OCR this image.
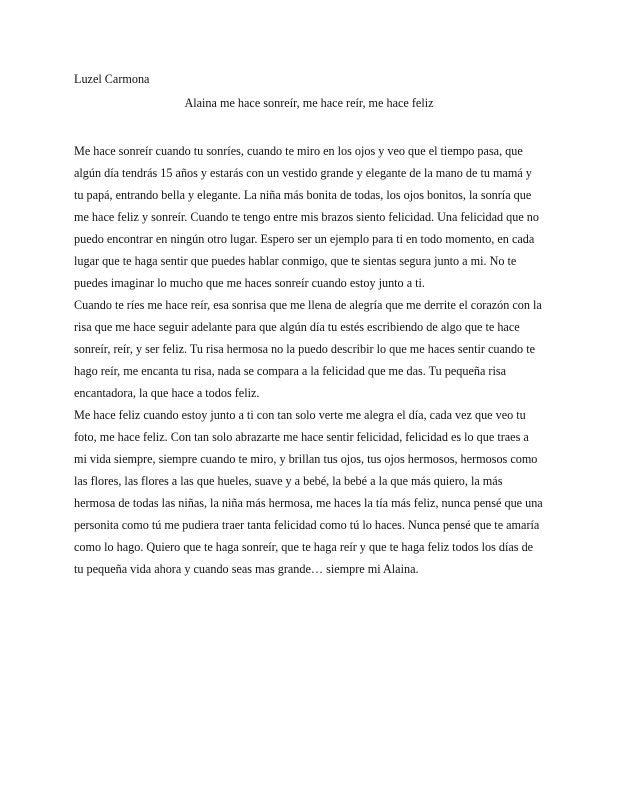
Luzel Carmona

Alaina me hace sonreír, me hace reír, me hace feliz

Me hace sonreír cuando tu sonríes, cuando te miro en los ojos y veo que el tiempo pasa, que algún día tendrás 15 años y estarás con un vestido grande y elegante de la mano de tu mamá y tu papá, entrando bella y elegante. La niña más bonita de todas, los ojos bonitos, la sonría que me hace feliz y sonreír. Cuando te tengo entre mis brazos siento felicidad. Una felicidad que no puedo encontrar en ningún otro lugar. Espero ser un ejemplo para ti en todo momento, en cada lugar que te haga sentir que puedes hablar conmigo, que te sientas segura junto a mi. No te puedes imaginar lo mucho que me haces sonreír cuando estoy junto a ti.

Cuando te ríes me hace reír, esa sonrisa que me llena de alegría que me derrite el corazón con la risa que me hace seguir adelante para que algún día tu estés escribiendo de algo que te hace sonreír, reír, y ser feliz. Tu risa hermosa no la puedo describir lo que me haces sentir cuando te hago reír, me encanta tu risa, nada se compara a la felicidad que me das. Tu pequeña risa encantadora, la que hace a todos feliz.

Me hace feliz cuando estoy junto a ti con tan solo verte me alegra el día, cada vez que veo tu foto, me hace feliz. Con tan solo abrazarte me hace sentir felicidad, felicidad es lo que traes a mi vida siempre, siempre cuando te miro, y brillan tus ojos, tus ojos hermosos, hermosos como las flores, las flores a las que hueles, suave y a bebé, la bebé a la que más quiero, la más hermosa de todas las niñas, la niña más hermosa, me haces la tía más feliz, nunca pensé que una personita como tú me pudiera traer tanta felicidad como tú lo haces. Nunca pensé que te amaría como lo hago. Quiero que te haga sonreír, que te haga reír y que te haga feliz todos los días de tu pequeña vida ahora y cuando seas mas grande… siempre mi Alaina.
